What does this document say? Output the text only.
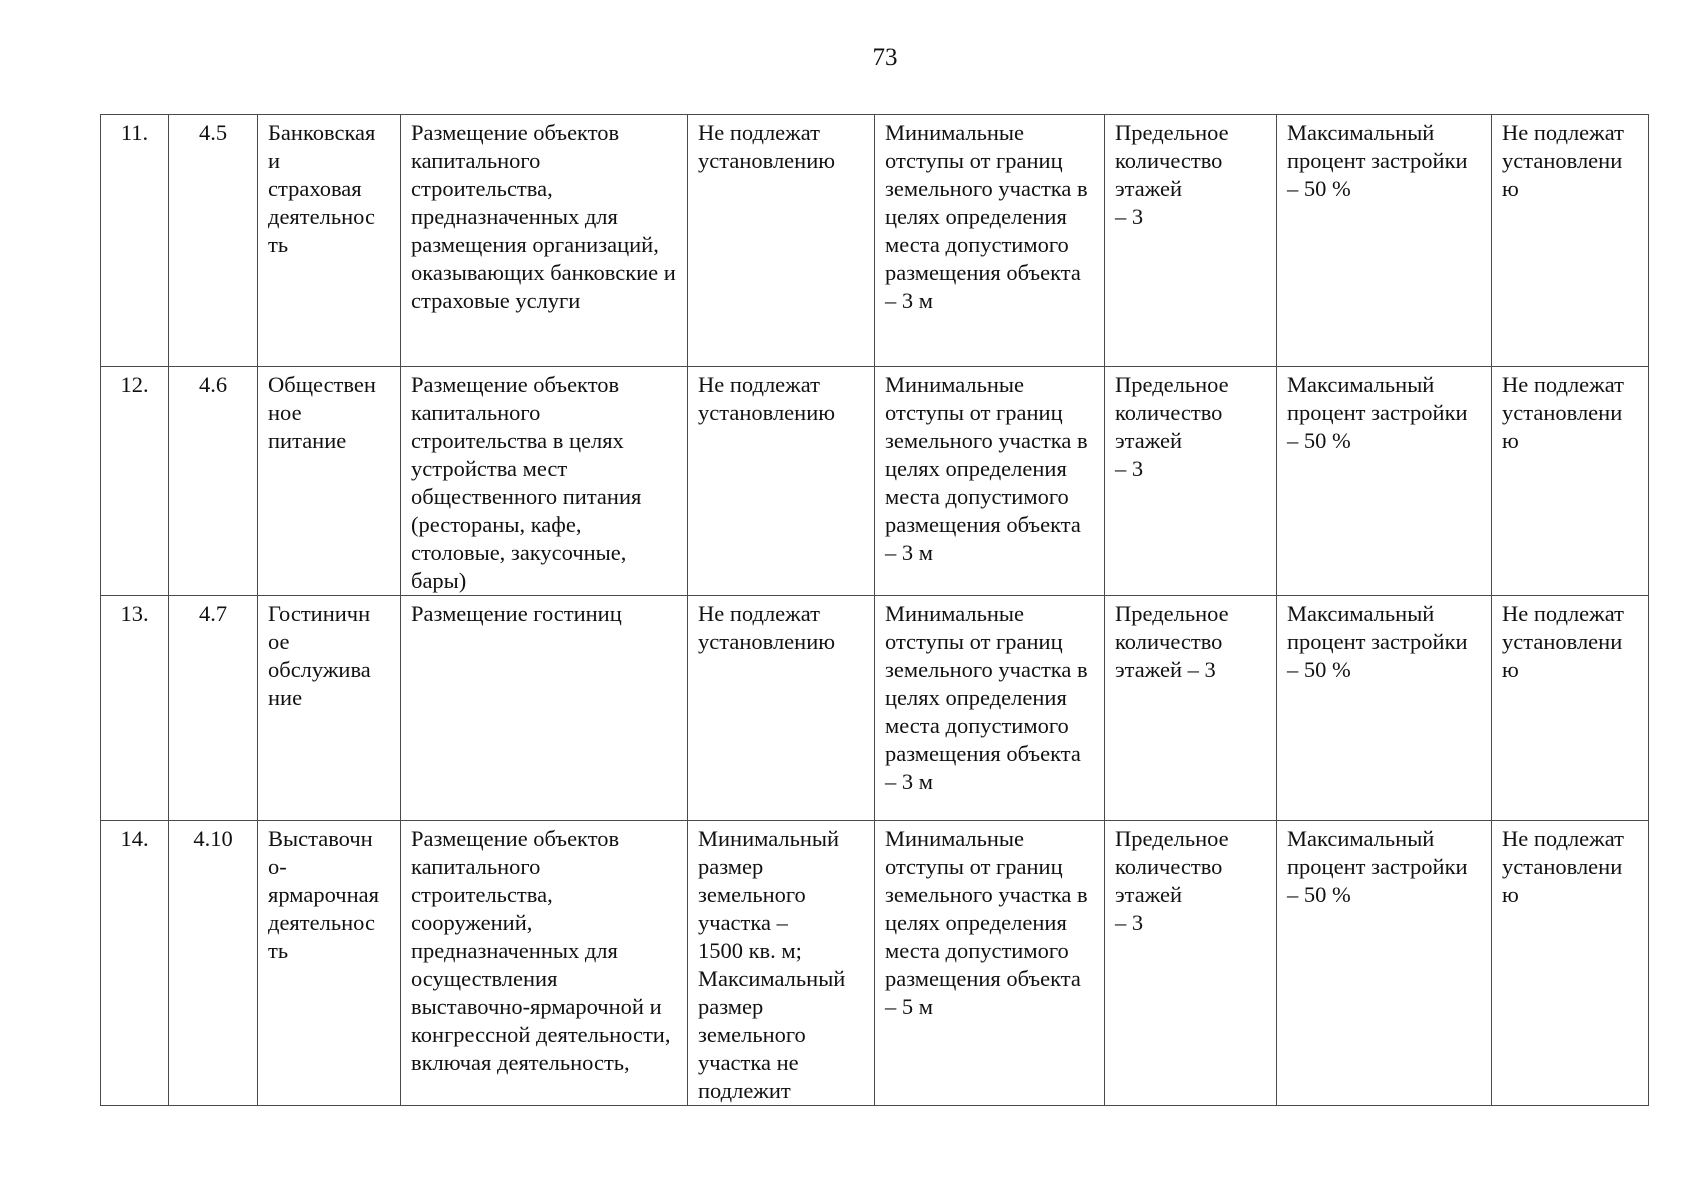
73
11.	4.5	Банковская
и
страховая
деятельнос
ть	Размещение объектов капитального строительства, предназначенных для размещения организаций, оказывающих банковские и страховые услуги	Не подлежат установлению	Минимальные отступы от границ земельного участка в целях определения места допустимого размещения объекта – 3 м	Предельное количество этажей
– 3	Максимальный процент застройки – 50 %	Не подлежат установлени
ю
12.	4.6	Обществен
ное
питание	Размещение объектов капитального строительства в целях устройства мест общественного питания (рестораны, кафе, столовые, закусочные, бары)	Не подлежат установлению	Минимальные отступы от границ земельного участка в целях определения места допустимого размещения объекта – 3 м	Предельное количество этажей
– 3	Максимальный процент застройки – 50 %	Не подлежат установлени
ю
13.	4.7	Гостиничн
ое
обслужива
ние	Размещение гостиниц	Не подлежат установлению	Минимальные отступы от границ земельного участка в целях определения места допустимого размещения объекта – 3 м	Предельное количество этажей – 3	Максимальный процент застройки – 50 %	Не подлежат установлени
ю
14.	4.10	Выставочн
о-
ярмарочная
деятельнос
ть	Размещение объектов капитального строительства, сооружений, предназначенных для осуществления выставочно-ярмарочной и конгрессной деятельности, включая деятельность,	Минимальный размер земельного участка –
1500 кв. м;
Максимальный размер земельного участка не подлежит	Минимальные отступы от границ земельного участка в целях определения места допустимого размещения объекта – 5 м	Предельное количество этажей
– 3	Максимальный процент застройки – 50 %	Не подлежат установлени
ю
